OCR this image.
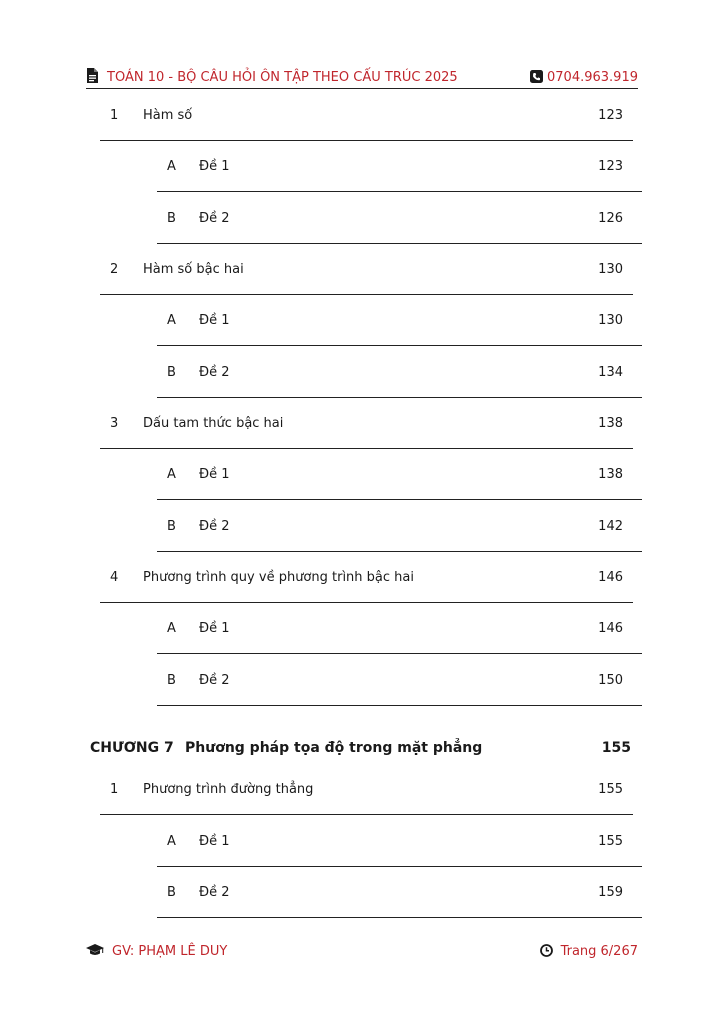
TOÁN 10 - BỘ CÂU HỎI ÔN TẬP THEO CẤU TRÚC 2025	0704.963.919
1 Hàm số	123
A Đề 1	123
B Đề 2	126
2 Hàm số bậc hai	130
A Đề 1	130
B Đề 2	134
3 Dấu tam thức bậc hai	138
A Đề 1	138
B Đề 2	142
4 Phương trình quy về phương trình bậc hai	146
A Đề 1	146
B Đề 2	150
CHƯƠNG 7 Phương pháp tọa độ trong mặt phẳng	155
1 Phương trình đường thẳng	155
A Đề 1	155
B Đề 2	159
GV: PHẠM LÊ DUY	Trang 6/267
